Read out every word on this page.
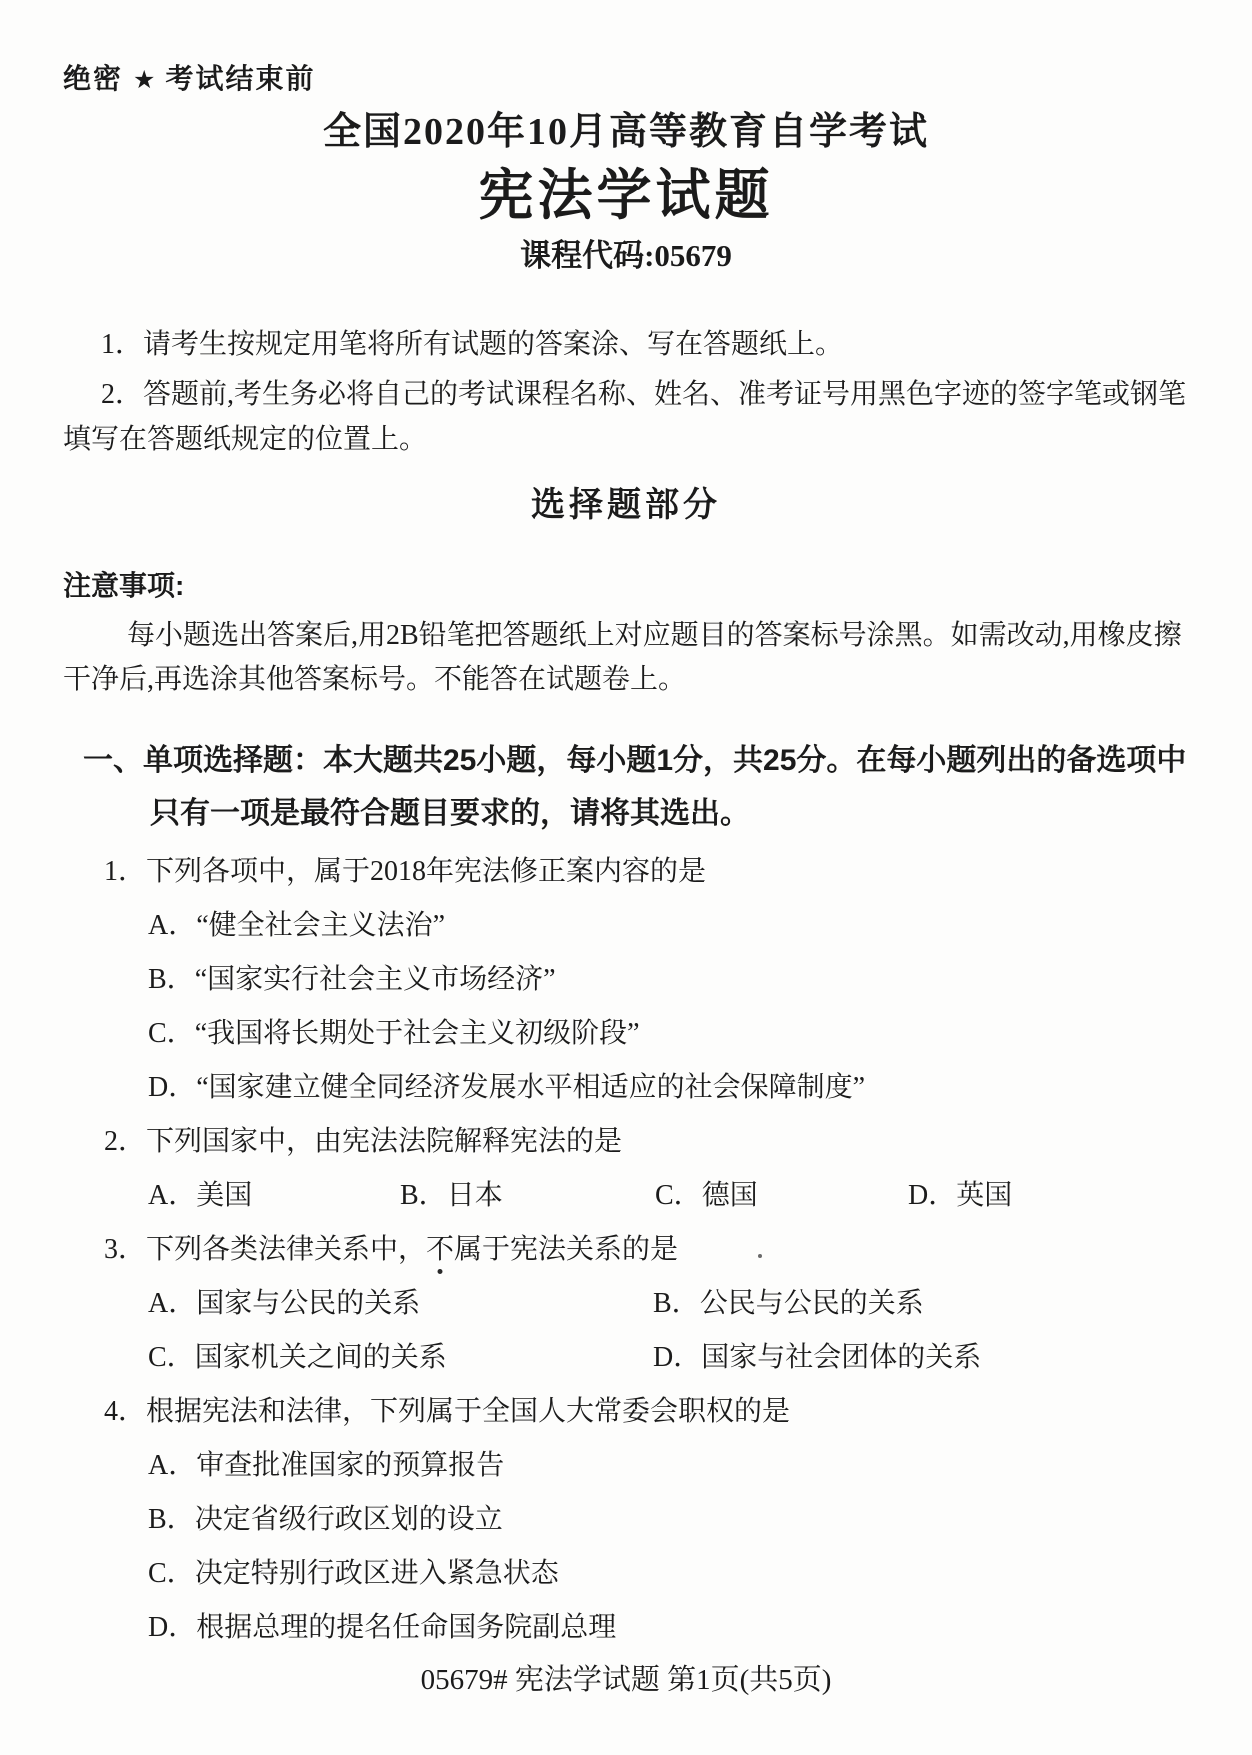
绝密 ★ 考试结束前
全国2020年10月高等教育自学考试
宪法学试题
课程代码:05679

1．请考生按规定用笔将所有试题的答案涂、写在答题纸上。

2．答题前,考生务必将自己的考试课程名称、姓名、准考证号用黑色字迹的签字笔或钢笔填写在答题纸规定的位置上。

选择题部分
注意事项:

每小题选出答案后,用2B铅笔把答题纸上对应题目的答案标号涂黑。如需改动,用橡皮擦干净后,再选涂其他答案标号。不能答在试题卷上。

一、单项选择题：本大题共25小题，每小题1分，共25分。在每小题列出的备选项中只有一项是最符合题目要求的，请将其选出。
1．下列各项中，属于2018年宪法修正案内容的是
A．“健全社会主义法治”
B．“国家实行社会主义市场经济”
C．“我国将长期处于社会主义初级阶段”
D．“国家建立健全同经济发展水平相适应的社会保障制度”
2．下列国家中，由宪法法院解释宪法的是
A．美国	B．日本	C．德国	D．英国
3．下列各类法律关系中，不属于宪法关系的是
A．国家与公民的关系	B．公民与公民的关系
C．国家机关之间的关系	D．国家与社会团体的关系
4．根据宪法和法律，下列属于全国人大常委会职权的是
A．审查批准国家的预算报告
B．决定省级行政区划的设立
C．决定特别行政区进入紧急状态
D．根据总理的提名任命国务院副总理
05679# 宪法学试题 第1页(共5页)
